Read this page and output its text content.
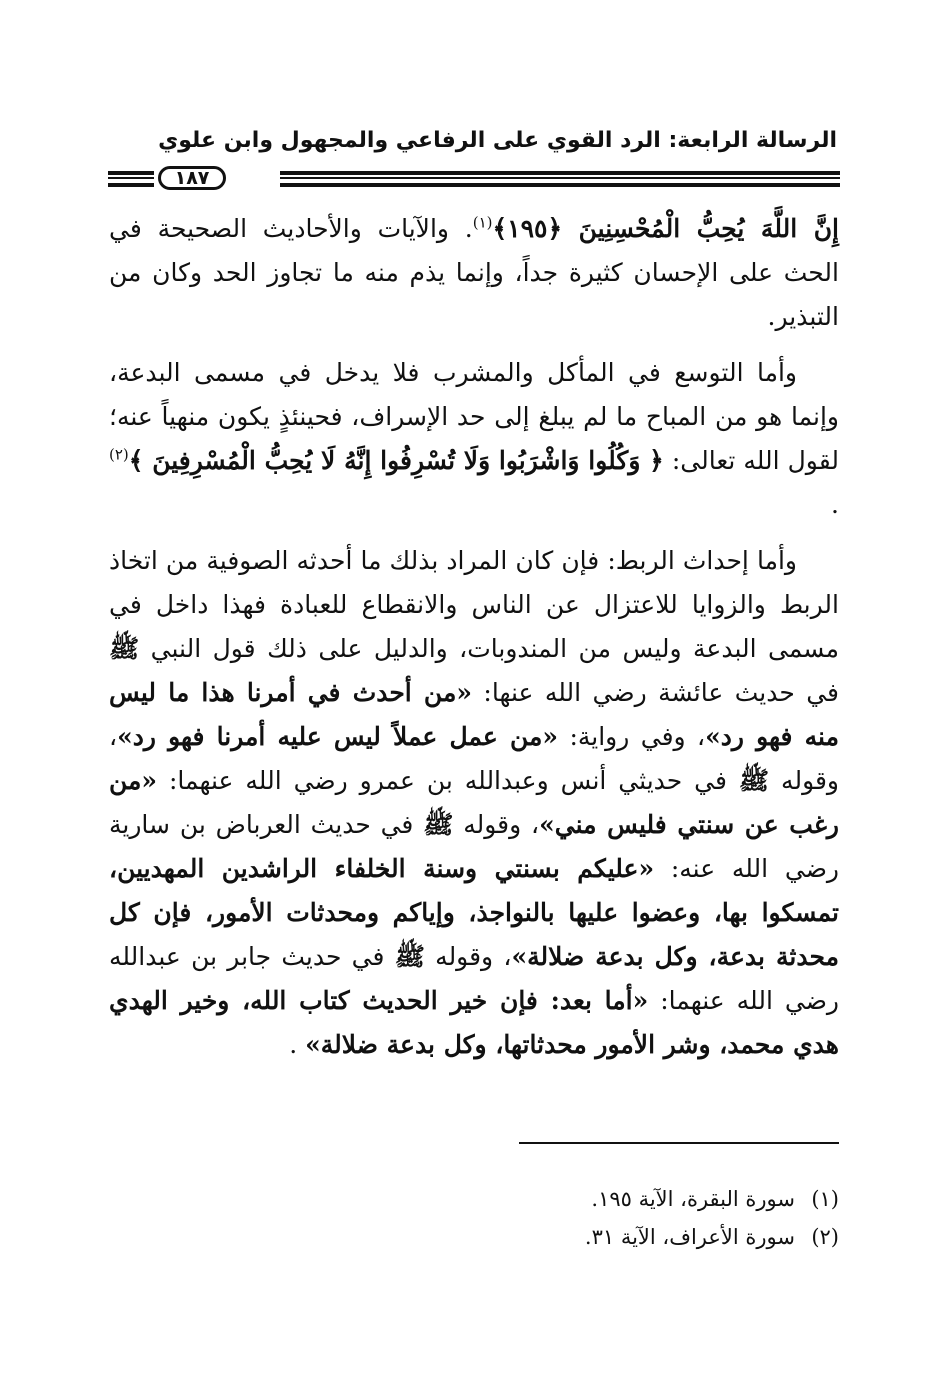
الرسالة الرابعة: الرد القوي على الرفاعي والمجهول وابن علوي
١٨٧

إِنَّ اللَّهَ يُحِبُّ الْمُحْسِنِينَ ﴿١٩٥﴾$^{(١)}$. والآيات والأحاديث الصحيحة في الحث على الإحسان كثيرة جداً، وإنما يذم منه ما تجاوز الحد وكان من التبذير.

وأما التوسع في المأكل والمشرب فلا يدخل في مسمى البدعة، وإنما هو من المباح ما لم يبلغ إلى حد الإسراف، فحينئذٍ يكون منهياً عنه؛ لقول الله تعالى: ﴿ وَكُلُوا وَاشْرَبُوا وَلَا تُسْرِفُوا إِنَّهُ لَا يُحِبُّ الْمُسْرِفِينَ ﴾$^{(٢)}$ .

وأما إحداث الربط: فإن كان المراد بذلك ما أحدثه الصوفية من اتخاذ الربط والزوايا للاعتزال عن الناس والانقطاع للعبادة فهذا داخل في مسمى البدعة وليس من المندوبات، والدليل على ذلك قول النبي ﷺ في حديث عائشة رضي الله عنها: «من أحدث في أمرنا هذا ما ليس منه فهو رد»، وفي رواية: «من عمل عملاً ليس عليه أمرنا فهو رد»، وقوله ﷺ في حديثي أنس وعبدالله بن عمرو رضي الله عنهما: «من رغب عن سنتي فليس مني»، وقوله ﷺ في حديث العرباض بن سارية رضي الله عنه: «عليكم بسنتي وسنة الخلفاء الراشدين المهديين، تمسكوا بها، وعضوا عليها بالنواجذ، وإياكم ومحدثات الأمور، فإن كل محدثة بدعة، وكل بدعة ضلالة»، وقوله ﷺ في حديث جابر بن عبدالله رضي الله عنهما: «أما بعد: فإن خير الحديث كتاب الله، وخير الهدي هدي محمد، وشر الأمور محدثاتها، وكل بدعة ضلالة» .

(١)سورة البقرة، الآية ١٩٥.
(٢)سورة الأعراف، الآية ٣١.
